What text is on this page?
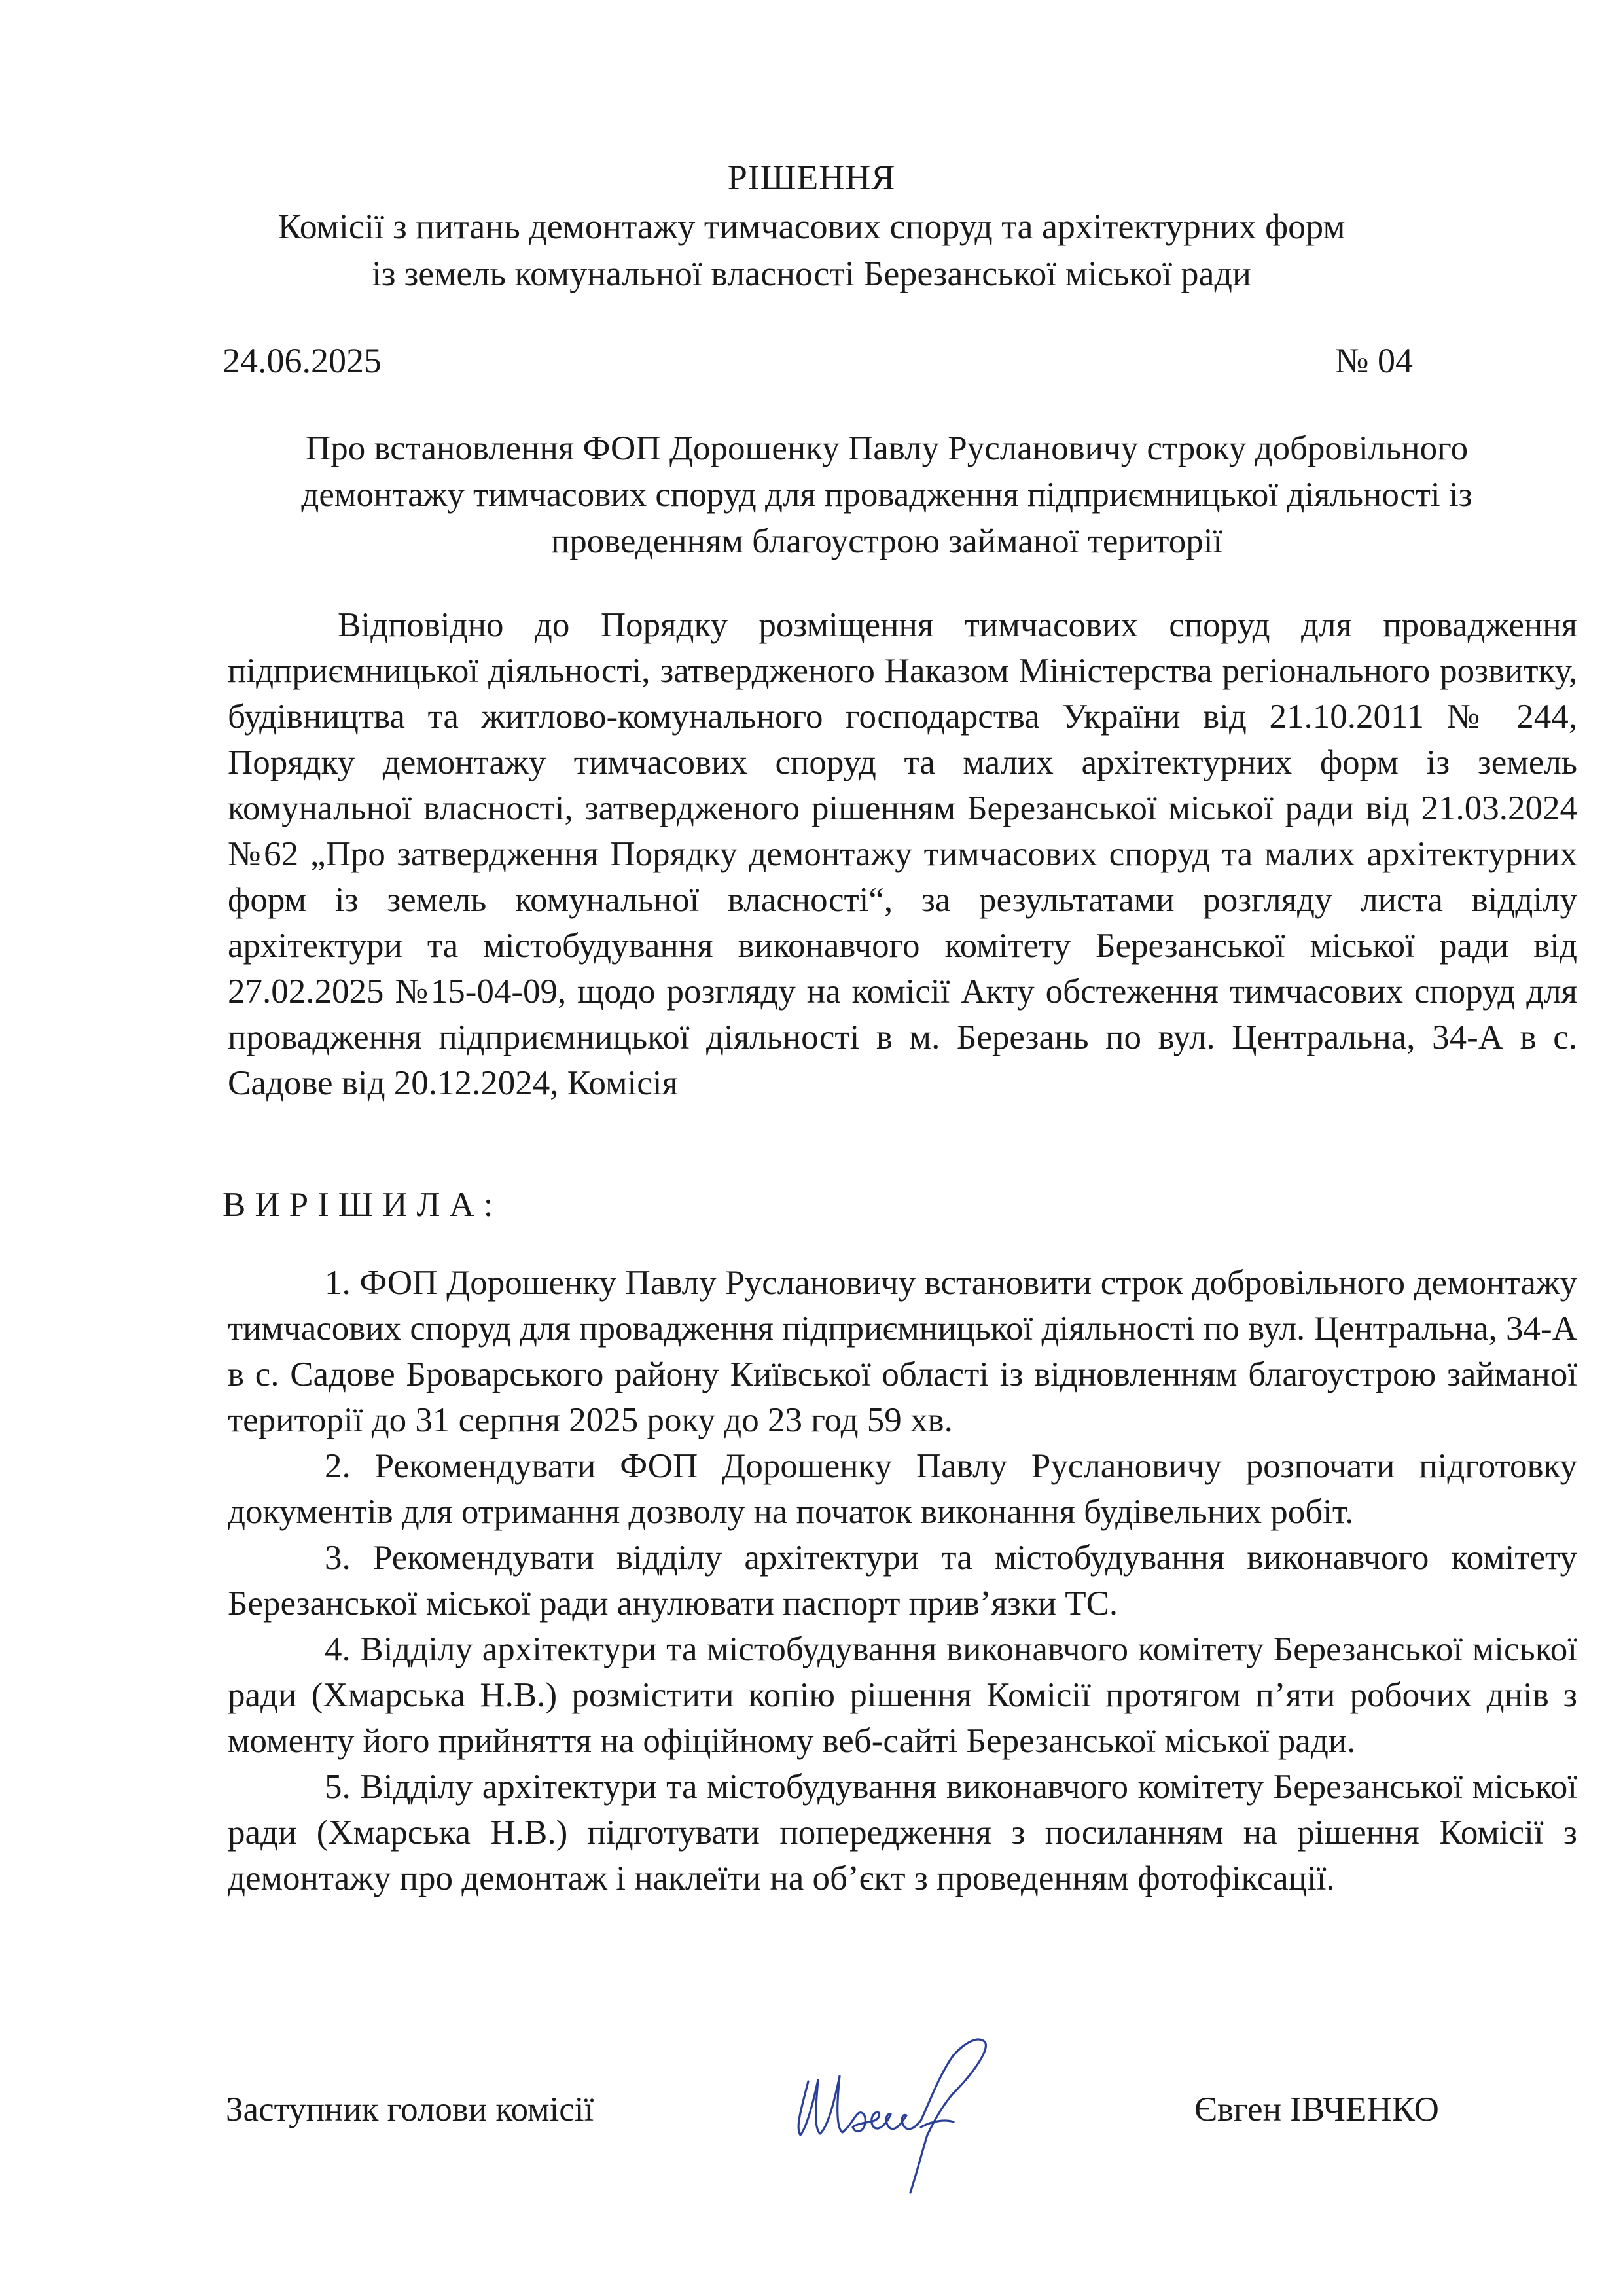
РІШЕННЯ
Комісії з питань демонтажу тимчасових споруд та архітектурних форм
із земель комунальної власності Березанської міської ради
24.06.2025	№ 04
Про встановлення ФОП Дорошенку Павлу Руслановичу строку добровільного демонтажу тимчасових споруд для провадження підприємницької діяльності із проведенням благоустрою займаної території
Відповідно до Порядку розміщення тимчасових споруд для провадження підприємницької діяльності, затвердженого Наказом Міністерства регіонального розвитку, будівництва та житлово-комунального господарства України від 21.10.2011 № 244, Порядку демонтажу тимчасових споруд та малих архітектурних форм із земель комунальної власності, затвердженого рішенням Березанської міської ради від 21.03.2024 №62 „Про затвердження Порядку демонтажу тимчасових споруд та малих архітектурних форм із земель комунальної власності“, за результатами розгляду листа відділу архітектури та містобудування виконавчого комітету Березанської міської ради від 27.02.2025 №15-04-09, щодо розгляду на комісії Акту обстеження тимчасових споруд для провадження підприємницької діяльності в м. Березань по вул. Центральна, 34-А в с. Садове від 20.12.2024, Комісія
ВИРІШИЛА:

1. ФОП Дорошенку Павлу Руслановичу встановити строк добровільного демонтажу тимчасових споруд для провадження підприємницької діяльності по вул. Центральна, 34-А в с. Садове Броварського району Київської області із відновленням благоустрою займаної території до 31 серпня 2025 року до 23 год 59 хв.

2. Рекомендувати ФОП Дорошенку Павлу Руслановичу розпочати підготовку документів для отримання дозволу на початок виконання будівельних робіт.

3. Рекомендувати відділу архітектури та містобудування виконавчого комітету Березанської міської ради анулювати паспорт прив’язки ТС.

4. Відділу архітектури та містобудування виконавчого комітету Березанської міської ради (Хмарська Н.В.) розмістити копію рішення Комісії протягом п’яти робочих днів з моменту його прийняття на офіційному веб-сайті Березанської міської ради.

5. Відділу архітектури та містобудування виконавчого комітету Березанської міської ради (Хмарська Н.В.) підготувати попередження з посиланням на рішення Комісії з демонтажу про демонтаж і наклеїти на об’єкт з проведенням фотофіксації.

Заступник голови комісії	Євген ІВЧЕНКО
